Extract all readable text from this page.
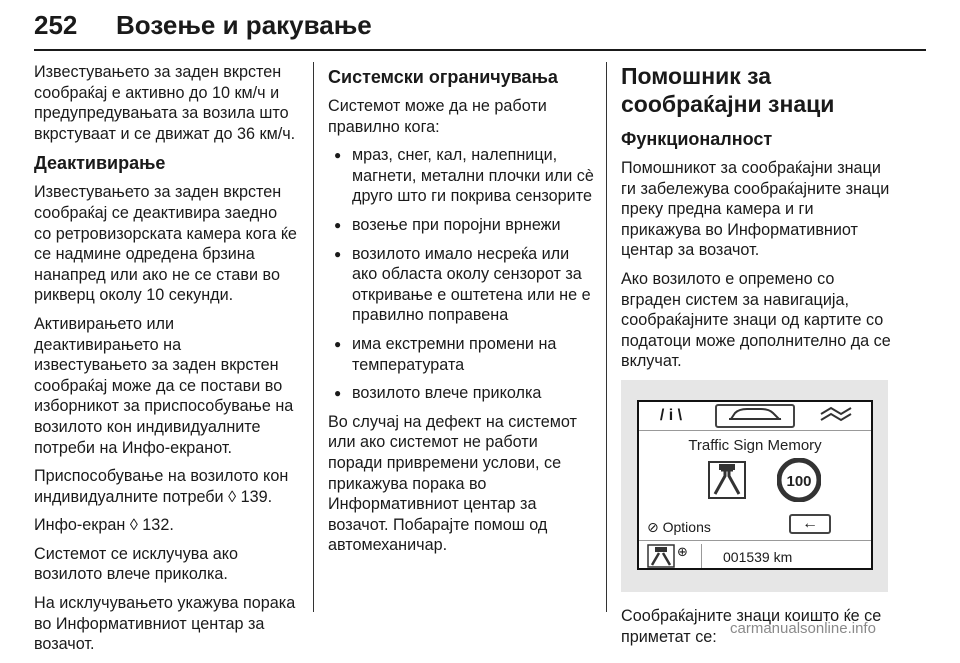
252 Возење и ракување

Известувањето за заден вкрстен сообраќај е активно до 10 км/ч и предупредувањата за возила што вкрстуваат и се движат до 36 км/ч.

Деактивирање

Известувањето за заден вкрстен сообраќај се деактивира заедно со ретровизорската камера кога ќе се надмине одредена брзина нанапред или ако не се стави во рикверц околу 10 секунди.

Активирањето или деактивирањето на известувањето за заден вкрстен сообраќај може да се постави во изборникот за приспособување на возилото кон индивидуалните потреби на Инфо-екранот.

Приспособување на возилото кон индивидуалните потреби ◊ 139.

Инфо-екран ◊ 132.

Системот се исклучува ако возилото влече приколка.

На исклучувањето укажува порака во Информативниот центар за возачот.

Системски ограничувања

Системот може да не работи правилно кога:

● мраз, снег, кал, налепници, магнети, метални плочки или сè друго што ги покрива сензорите
● возење при поројни врнежи
● возилото имало несреќа или ако областа околу сензорот за откривање е оштетена или не е правилно поправена
● има екстремни промени на температурата
● возилото влече приколка

Во случај на дефект на системот или ако системот не работи поради привремени услови, се прикажува порака во Информативниот центар за возачот. Побарајте помош од автомеханичар.

Помошник за сообраќајни знаци
Функционалност

Помошникот за сообраќајни знаци ги забележува сообраќајните знаци преку предна камера и ги прикажува во Информативниот центар за возачот.

Ако возилото е опремено со вграден систем за навигација, сообраќајните знаци од картите со податоци може дополнително да се вклучат.

/ i \
Traffic Sign Memory
100
⊘ Options	←
⊕	001539 km

Сообраќајните знаци коишто ќе се приметат се: carmanualsonline.info
